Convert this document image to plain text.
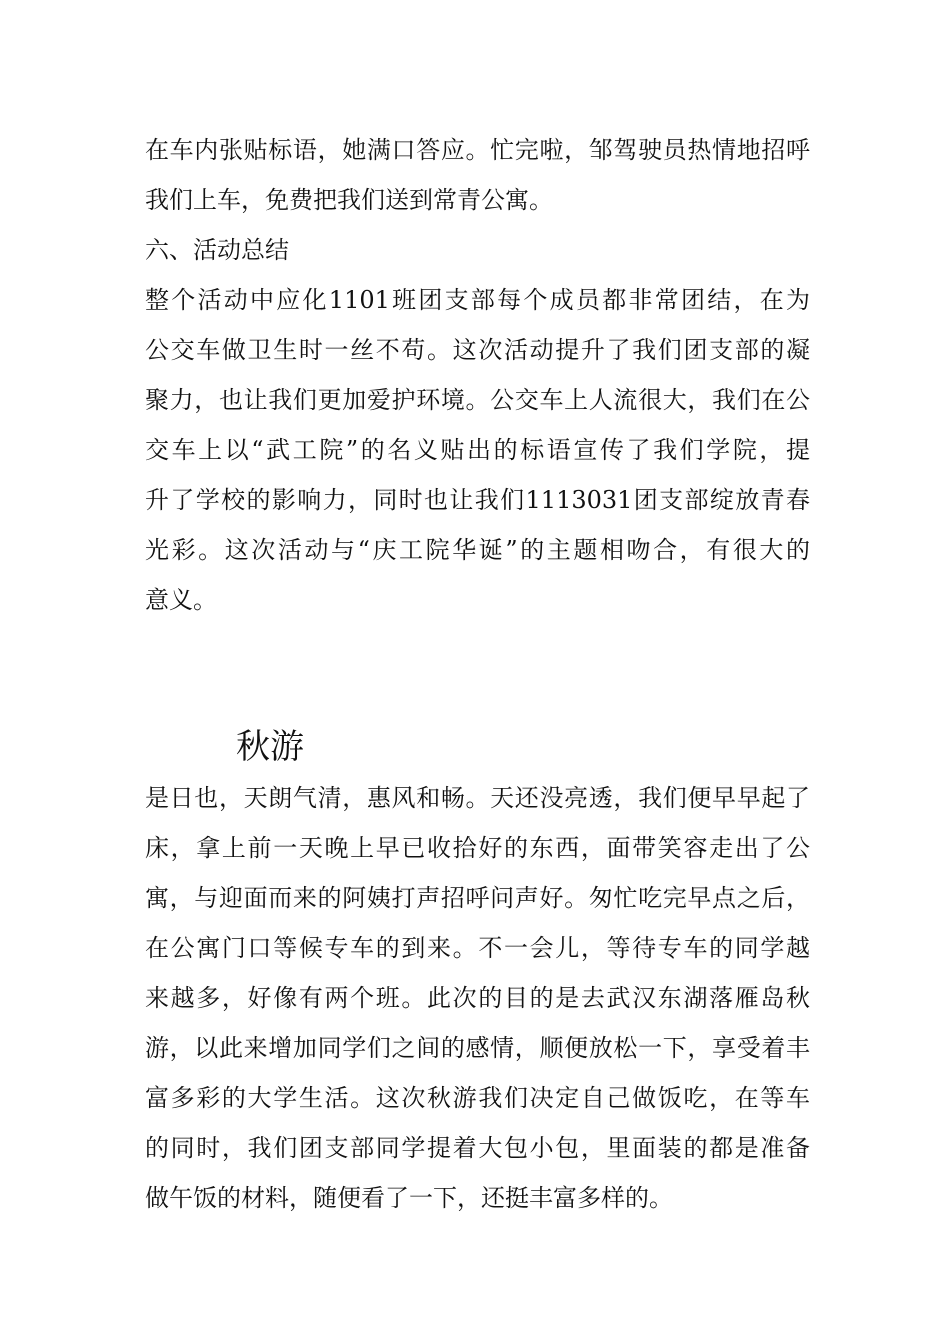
在车内张贴标语，她满口答应。忙完啦，邹驾驶员热情地招呼
我们上车，免费把我们送到常青公寓。
六、活动总结
整个活动中应化1101班团支部每个成员都非常团结，在为
公交车做卫生时一丝不苟。这次活动提升了我们团支部的凝
聚力，也让我们更加爱护环境。公交车上人流很大，我们在公
交车上以“武工院”的名义贴出的标语宣传了我们学院，提
升了学校的影响力，同时也让我们1113031团支部绽放青春
光彩。这次活动与“庆工院华诞”的主题相吻合，有很大的
意义。
秋游
是日也，天朗气清，惠风和畅。天还没亮透，我们便早早起了
床，拿上前一天晚上早已收拾好的东西，面带笑容走出了公
寓，与迎面而来的阿姨打声招呼问声好。匆忙吃完早点之后，
在公寓门口等候专车的到来。不一会儿，等待专车的同学越
来越多，好像有两个班。此次的目的是去武汉东湖落雁岛秋
游，以此来增加同学们之间的感情，顺便放松一下，享受着丰
富多彩的大学生活。这次秋游我们决定自己做饭吃，在等车
的同时，我们团支部同学提着大包小包，里面装的都是准备
做午饭的材料，随便看了一下，还挺丰富多样的。
